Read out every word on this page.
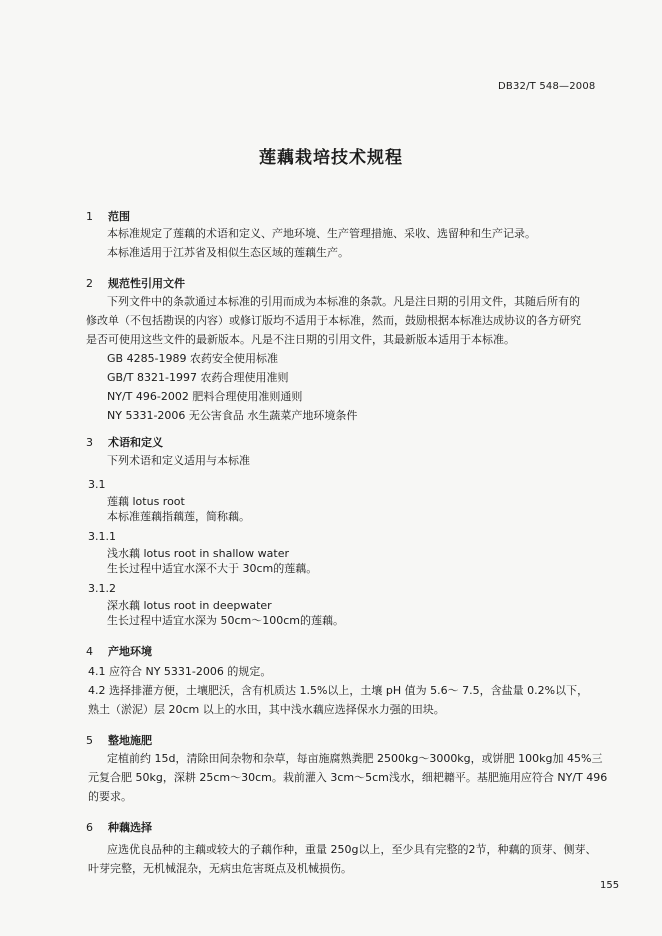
DB32/T 548—2008
莲藕栽培技术规程
1 范围
本标准规定了莲藕的术语和定义、产地环境、生产管理措施、采收、选留种和生产记录。
本标准适用于江苏省及相似生态区域的莲藕生产。
2 规范性引用文件
下列文件中的条款通过本标准的引用而成为本标准的条款。凡是注日期的引用文件，其随后所有的
修改单（不包括勘误的内容）或修订版均不适用于本标准，然而，鼓励根据本标准达成协议的各方研究
是否可使用这些文件的最新版本。凡是不注日期的引用文件，其最新版本适用于本标准。
GB 4285-1989 农药安全使用标准
GB/T 8321-1997 农药合理使用准则
NY/T 496-2002 肥料合理使用准则通则
NY 5331-2006 无公害食品 水生蔬菜产地环境条件
3 术语和定义
下列术语和定义适用与本标准
3.1
莲藕 lotus root
本标准莲藕指藕莲，简称藕。
3.1.1
浅水藕 lotus root in shallow water
生长过程中适宜水深不大于 30cm的莲藕。
3.1.2
深水藕 lotus root in deepwater
生长过程中适宜水深为 50cm～100cm的莲藕。
4 产地环境
4.1 应符合 NY 5331-2006 的规定。
4.2 选择排灌方便，土壤肥沃，含有机质达 1.5%以上，土壤 pH 值为 5.6～ 7.5，含盐量 0.2%以下，
熟土（淤泥）层 20cm 以上的水田，其中浅水藕应选择保水力强的田块。
5 整地施肥
定植前约 15d，清除田间杂物和杂草，每亩施腐熟粪肥 2500kg～3000kg，或饼肥 100kg加 45%三
元复合肥 50kg，深耕 25cm～30cm。栽前灌入 3cm～5cm浅水，细耙耱平。基肥施用应符合 NY/T 496
的要求。
6 种藕选择
应选优良品种的主藕或较大的子藕作种，重量 250g以上，至少具有完整的2节，种藕的顶芽、侧芽、
叶芽完整，无机械混杂，无病虫危害斑点及机械损伤。
155
